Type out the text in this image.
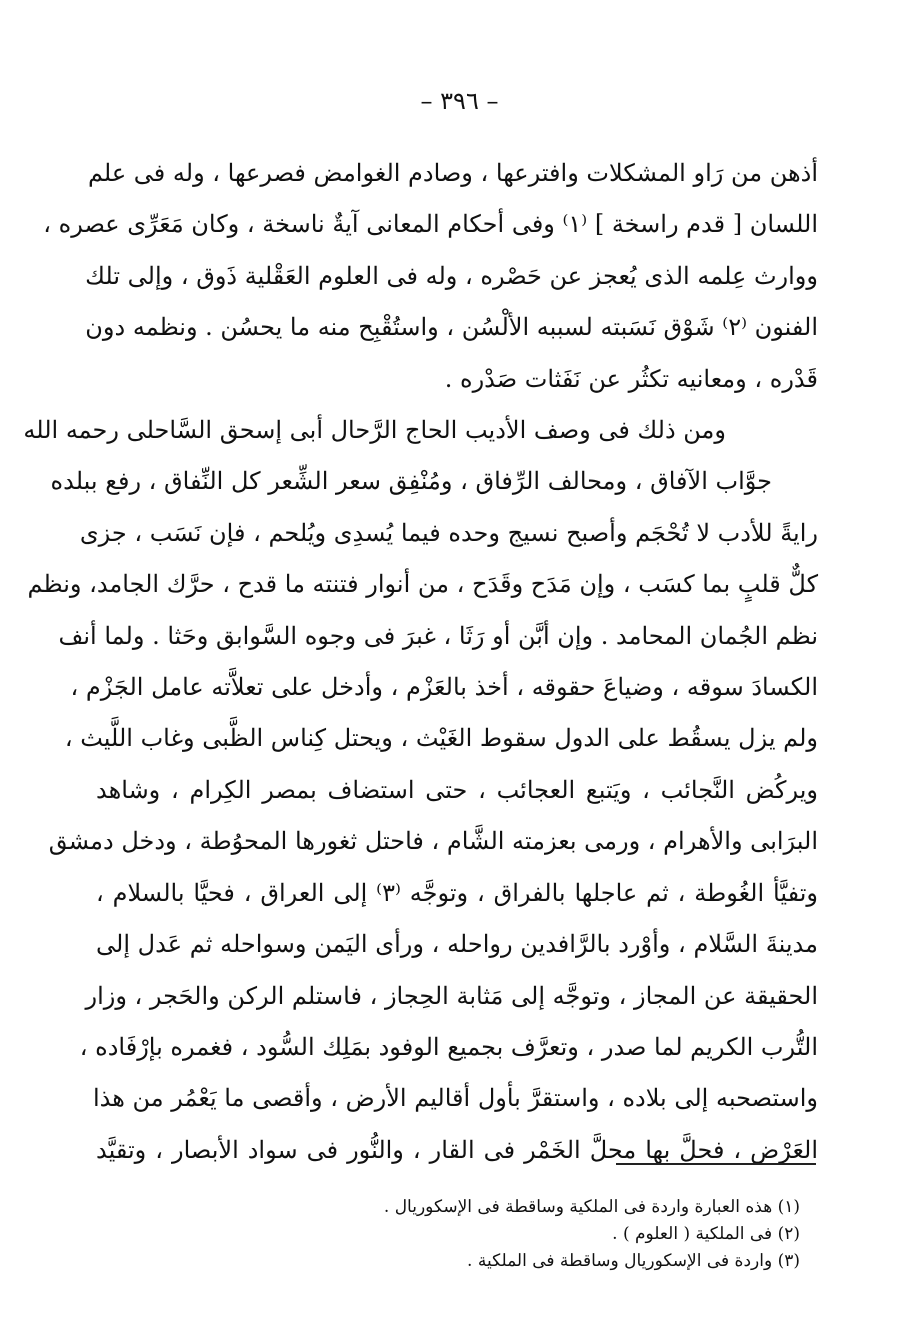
– ٣٩٦ –
أذهن من رَاو المشكلات وافترعها ، وصادم الغوامض فصرعها ، وله فى علم
اللسان [ قدم راسخة ] ⁽١⁾ وفى أحكام المعانى آيةٌ ناسخة ، وكان مَعَرِّى عصره ،
ووارث عِلمه الذى يُعجز عن حَصْره ، وله فى العلوم العَقْلية ذَوق ، وإلى تلك
الفنون ⁽٢⁾ شَوْق نَسَبته لسببه الألْسُن ، واستُقْبِح منه ما يحسُن . ونظمه دون
قَدْره ، ومعانيه تكثُر عن نَفَثات صَدْره .
ومن ذلك فى وصف الأديب الحاج الرَّحال أبى إسحق السَّاحلى رحمه الله
جوَّاب الآفاق ، ومحالف الرِّفاق ، ومُنْفِق سعر الشِّعر كل النِّفاق ، رفع ببلده
رايةً للأدب لا تُحْجَم وأصبح نسيج وحده فيما يُسدِى ويُلحم ، فإن نَسَب ، جزى
كلٌّ قلبٍ بما كسَب ، وإن مَدَح وقَدَح ، من أنوار فتنته ما قدح ، حرَّك الجامد، ونظم
نظم الجُمان المحامد . وإن أبَّن أو رَثَا ، غبرَ فى وجوه السَّوابق وحَثا . ولما أنف
الكسادَ سوقه ، وضياعَ حقوقه ، أخذ بالعَزْم ، وأدخل على تعلاَّته عامل الجَزْم ،
ولم يزل يسقُط على الدول سقوط الغَيْث ، ويحتل كِناس الظَّبى وغاب اللَّيث ،
ويركُض النَّجائب ، ويَتبع العجائب ، حتى استضاف بمصر الكِرام ، وشاهد
البرَابى والأهرام ، ورمى بعزمته الشَّام ، فاحتل ثغورها المحوُطة ، ودخل دمشق
وتفيَّأ الغُوطة ، ثم عاجلها بالفراق ، وتوجَّه ⁽٣⁾ إلى العراق ، فحيَّا بالسلام ،
مدينةَ السَّلام ، وأوْرد بالرَّافدين رواحله ، ورأى اليَمن وسواحله ثم عَدل إلى
الحقيقة عن المجاز ، وتوجَّه إلى مَثابة الحِجاز ، فاستلم الركن والحَجر ، وزار
التُّرب الكريم لما صدر ، وتعرَّف بجميع الوفود بمَلِك السُّود ، فغمره بإرْفَاده ،
واستصحبه إلى بلاده ، واستقرَّ بأول أقاليم الأرض ، وأقصى ما يَعْمُر من هذا
العَرْض ، فحلَّ بها محلَّ الخَمْر فى القار ، والنُّور فى سواد الأبصار ، وتقيَّد
(١) هذه العبارة واردة فى الملكية وساقطة فى الإسكوريال .
(٢) فى الملكية ( العلوم ) .
(٣) واردة فى الإسكوريال وساقطة فى الملكية .
